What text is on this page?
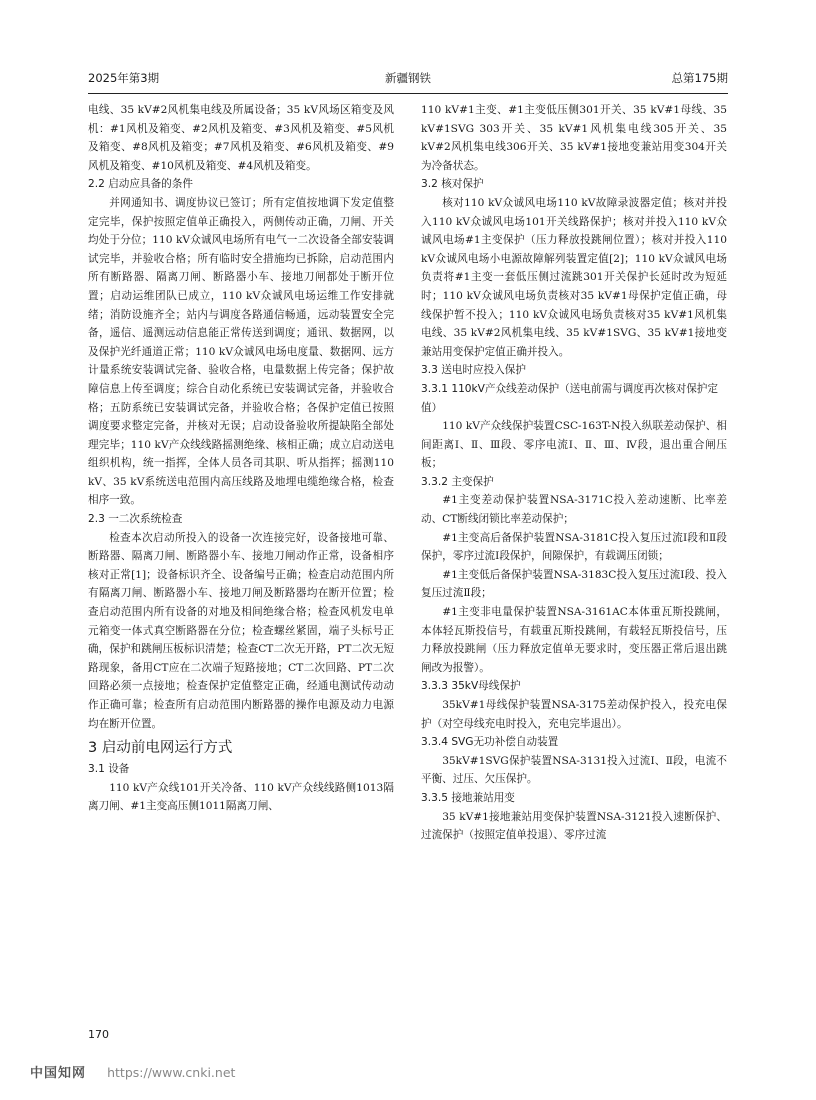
2025年第3期	新疆钢铁	总第175期

电线、35 kV#2风机集电线及所属设备；35 kV风场区箱变及风机：#1风机及箱变、#2风机及箱变、#3风机及箱变、#5风机及箱变、#8风机及箱变；#7风机及箱变、#6风机及箱变、#9风机及箱变、#10风机及箱变、#4风机及箱变。

2.2 启动应具备的条件

并网通知书、调度协议已签订；所有定值按地调下发定值整定完毕，保护按照定值单正确投入，两侧传动正确，刀闸、开关均处于分位；110 kV众诚风电场所有电气一二次设备全部安装调试完毕，并验收合格；所有临时安全措施均已拆除，启动范围内所有断路器、隔离刀闸、断路器小车、接地刀闸都处于断开位置；启动运维团队已成立，110 kV众诚风电场运维工作安排就绪；消防设施齐全；站内与调度各路通信畅通，远动装置安全完备，遥信、遥测远动信息能正常传送到调度；通讯、数据网，以及保护光纤通道正常；110 kV众诚风电场电度量、数据网、远方计量系统安装调试完备、验收合格，电量数据上传完备；保护故障信息上传至调度；综合自动化系统已安装调试完备，并验收合格；五防系统已安装调试完备，并验收合格；各保护定值已按照调度要求整定完备，并核对无误；启动设备验收所提缺陷全部处理完毕；110 kV产众线线路摇测绝缘、核相正确；成立启动送电组织机构，统一指挥，全体人员各司其职、听从指挥；摇测110 kV、35 kV系统送电范围内高压线路及地埋电缆绝缘合格，检查相序一致。

2.3 一二次系统检查

检查本次启动所投入的设备一次连接完好，设备接地可靠、断路器、隔离刀闸、断路器小车、接地刀闸动作正常，设备相序核对正常[1]；设备标识齐全、设备编号正确；检查启动范围内所有隔离刀闸、断路器小车、接地刀闸及断路器均在断开位置；检查启动范围内所有设备的对地及相间绝缘合格；检查风机发电单元箱变一体式真空断路器在分位；检查螺丝紧固，端子头标号正确，保护和跳闸压板标识清楚；检查CT二次无开路，PT二次无短路现象，备用CT应在二次端子短路接地；CT二次回路、PT二次回路必须一点接地；检查保护定值整定正确，经通电测试传动动作正确可靠；检查所有启动范围内断路器的操作电源及动力电源均在断开位置。

3 启动前电网运行方式
3.1 设备

110 kV产众线101开关冷备、110 kV产众线线路侧1013隔离刀闸、#1主变高压侧1011隔离刀闸、

110 kV#1主变、#1主变低压侧301开关、35 kV#1母线、35 kV#1SVG 303开关、35 kV#1风机集电线305开关、35 kV#2风机集电线306开关、35 kV#1接地变兼站用变304开关为冷备状态。

3.2 核对保护

核对110 kV众诚风电场110 kV故障录波器定值；核对并投入110 kV众诚风电场101开关线路保护；核对并投入110 kV众诚风电场#1主变保护（压力释放投跳闸位置）；核对并投入110 kV众诚风电场小电源故障解列装置定值[2]；110 kV众诚风电场负责将#1主变一套低压侧过流跳301开关保护长延时改为短延时；110 kV众诚风电场负责核对35 kV#1母保护定值正确，母线保护暂不投入；110 kV众诚风电场负责核对35 kV#1风机集电线、35 kV#2风机集电线、35 kV#1SVG、35 kV#1接地变兼站用变保护定值正确并投入。

3.3 送电时应投入保护
3.3.1 110kV产众线差动保护（送电前需与调度再次核对保护定值）

110 kV产众线保护装置CSC-163T-N投入纵联差动保护、相间距离Ⅰ、Ⅱ、Ⅲ段、零序电流Ⅰ、Ⅱ、Ⅲ、Ⅳ段，退出重合闸压板；

3.3.2 主变保护

#1主变差动保护装置NSA-3171C投入差动速断、比率差动、CT断线闭锁比率差动保护；

#1主变高后备保护装置NSA-3181C投入复压过流Ⅰ段和Ⅱ段保护，零序过流Ⅰ段保护，间隙保护，有载调压闭锁；

#1主变低后备保护装置NSA-3183C投入复压过流Ⅰ段、投入复压过流Ⅱ段；

#1主变非电量保护装置NSA-3161AC本体重瓦斯投跳闸，本体轻瓦斯投信号，有载重瓦斯投跳闸，有载轻瓦斯投信号，压力释放投跳闸（压力释放定值单无要求时，变压器正常后退出跳闸改为报警）。

3.3.3 35kV母线保护

35kV#1母线保护装置NSA-3175差动保护投入，投充电保护（对空母线充电时投入，充电完毕退出）。

3.3.4 SVG无功补偿自动装置

35kV#1SVG保护装置NSA-3131投入过流Ⅰ、Ⅱ段，电流不平衡、过压、欠压保护。

3.3.5 接地兼站用变

35 kV#1接地兼站用变保护装置NSA-3121投入速断保护、过流保护（按照定值单投退）、零序过流

170
中国知网 https://www.cnki.net
